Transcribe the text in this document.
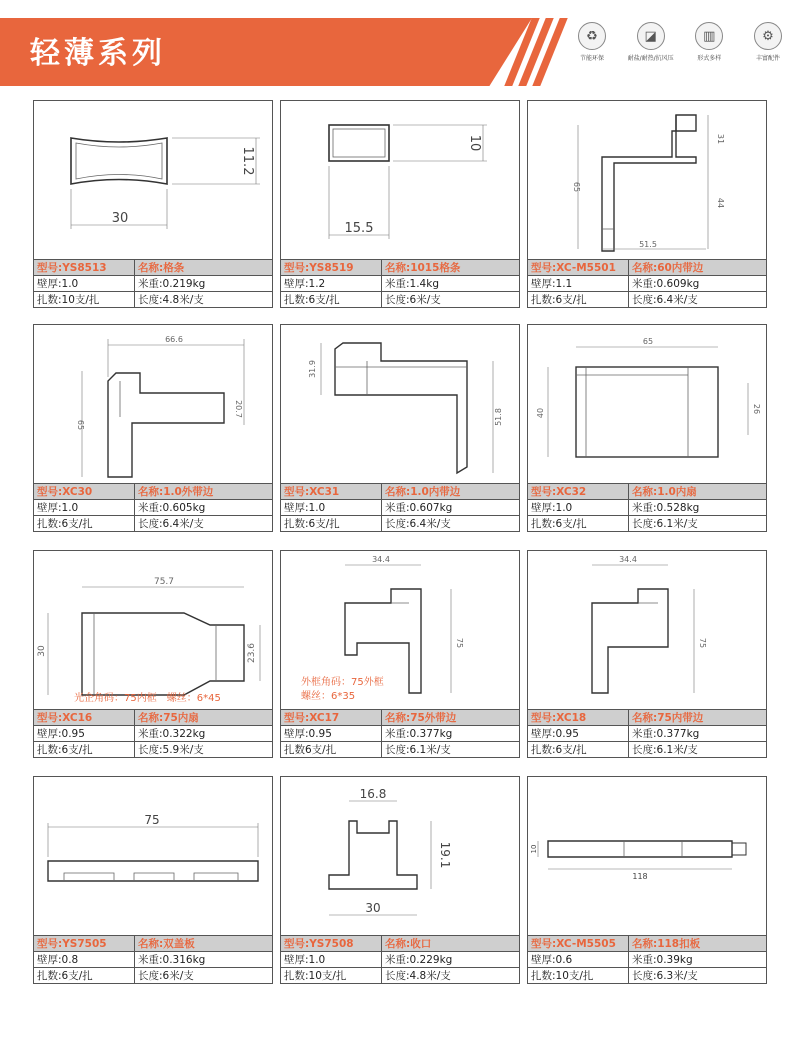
轻薄系列	♻
节能环保
◪
耐盐/耐热/抗风压
▥
形式多样
⚙
丰富配件
30
11.2
型号:YS8513	名称:格条
壁厚:1.0	米重:0.219kg
扎数:10支/扎	长度:4.8米/支
15.5
10
型号:YS8519	名称:1015格条
壁厚:1.2	米重:1.4kg
扎数:6支/扎	长度:6米/支
51.5
65
31
44
型号:XC-M5501	名称:60内带边
壁厚:1.1	米重:0.609kg
扎数:6支/扎	长度:6.4米/支
66.6
65
20.7
型号:XC30	名称:1.0外带边
壁厚:1.0	米重:0.605kg
扎数:6支/扎	长度:6.4米/支
31.9
51.8
型号:XC31	名称:1.0内带边
壁厚:1.0	米重:0.607kg
扎数:6支/扎	长度:6.4米/支
65
40	26
型号:XC32	名称:1.0内扇
壁厚:1.0	米重:0.528kg
扎数:6支/扎	长度:6.1米/支
75.7
30	23.6
光企角码：75内框　螺丝：6*45
型号:XC16	名称:75内扇
壁厚:0.95	米重:0.322kg
扎数:6支/扎	长度:5.9米/支
34.4
75
外框角码：75外框
螺丝：6*35
型号:XC17	名称:75外带边
壁厚:0.95	米重:0.377kg
扎数6支/扎	长度:6.1米/支
34.4
75
型号:XC18	名称:75内带边
壁厚:0.95	米重:0.377kg
扎数:6支/扎	长度:6.1米/支
75
型号:YS7505	名称:双盖板
壁厚:0.8	米重:0.316kg
扎数:6支/扎	长度:6米/支
16.8
19.1
30
型号:YS7508	名称:收口
壁厚:1.0	米重:0.229kg
扎数:10支/扎	长度:4.8米/支
118
10
型号:XC-M5505	名称:118扣板
壁厚:0.6	米重:0.39kg
扎数:10支/扎	长度:6.3米/支
